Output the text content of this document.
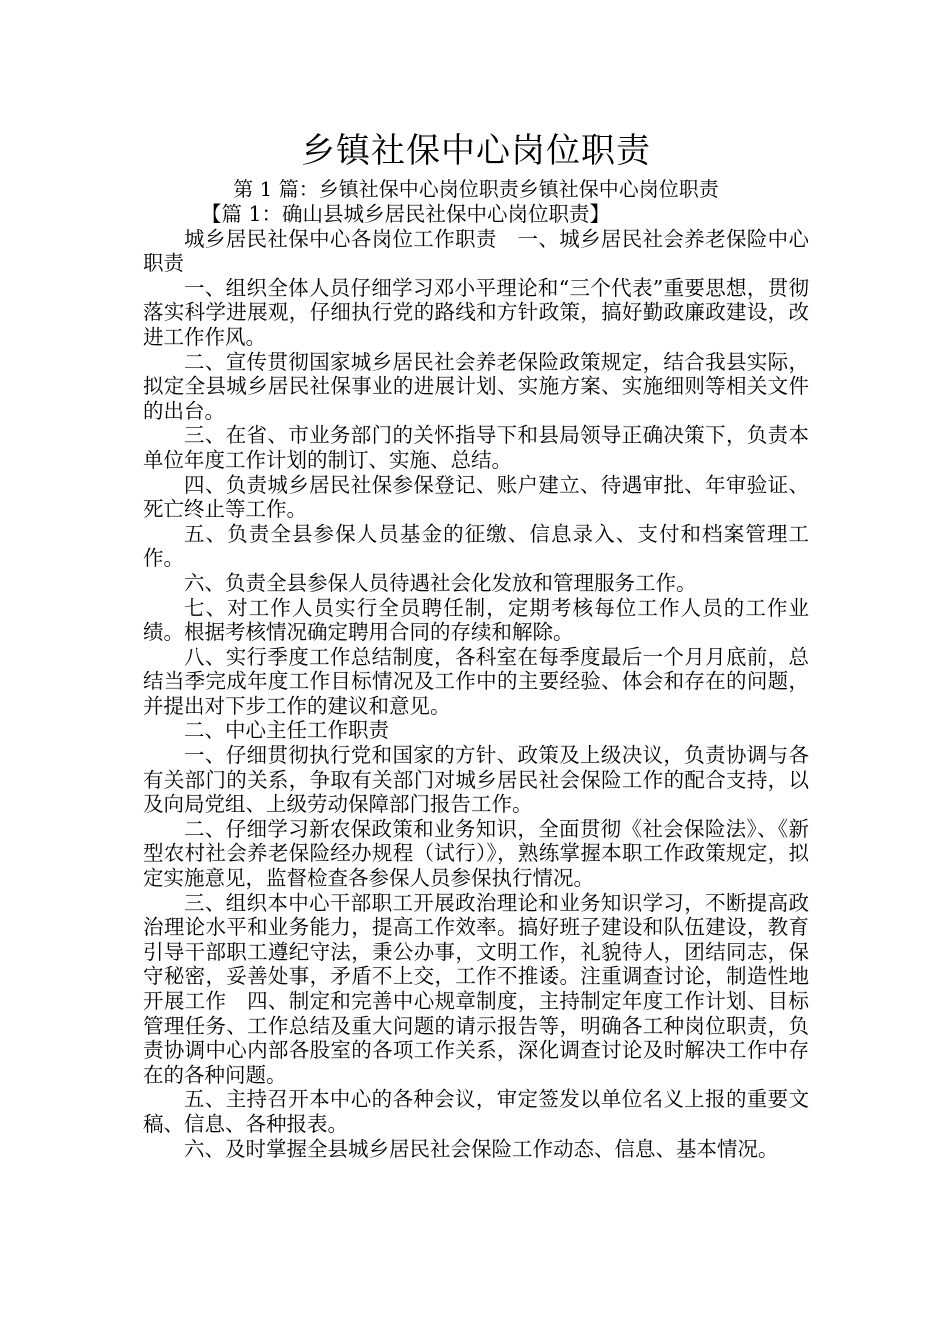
乡镇社保中心岗位职责

第 1 篇：乡镇社保中心岗位职责乡镇社保中心岗位职责

【篇 1：确山县城乡居民社保中心岗位职责】

城乡居民社保中心各岗位工作职责　一、城乡居民社会养老保险中心职责

一、组织全体人员仔细学习邓小平理论和“三个代表”重要思想，贯彻落实科学进展观，仔细执行党的路线和方针政策，搞好勤政廉政建设，改进工作作风。

二、宣传贯彻国家城乡居民社会养老保险政策规定，结合我县实际，拟定全县城乡居民社保事业的进展计划、实施方案、实施细则等相关文件的出台。

三、在省、市业务部门的关怀指导下和县局领导正确决策下，负责本单位年度工作计划的制订、实施、总结。

四、负责城乡居民社保参保登记、账户建立、待遇审批、年审验证、死亡终止等工作。

五、负责全县参保人员基金的征缴、信息录入、支付和档案管理工作。

六、负责全县参保人员待遇社会化发放和管理服务工作。

七、对工作人员实行全员聘任制，定期考核每位工作人员的工作业绩。根据考核情况确定聘用合同的存续和解除。

八、实行季度工作总结制度，各科室在每季度最后一个月月底前，总结当季完成年度工作目标情况及工作中的主要经验、体会和存在的问题，并提出对下步工作的建议和意见。

二、中心主任工作职责

一、仔细贯彻执行党和国家的方针、政策及上级决议，负责协调与各有关部门的关系，争取有关部门对城乡居民社会保险工作的配合支持，以及向局党组、上级劳动保障部门报告工作。

二、仔细学习新农保政策和业务知识，全面贯彻《社会保险法》、《新型农村社会养老保险经办规程（试行）》，熟练掌握本职工作政策规定，拟定实施意见，监督检查各参保人员参保执行情况。

三、组织本中心干部职工开展政治理论和业务知识学习，不断提高政治理论水平和业务能力，提高工作效率。搞好班子建设和队伍建设，教育引导干部职工遵纪守法，秉公办事，文明工作，礼貌待人，团结同志，保守秘密，妥善处事，矛盾不上交，工作不推诿。注重调查讨论，制造性地开展工作　四、制定和完善中心规章制度，主持制定年度工作计划、目标管理任务、工作总结及重大问题的请示报告等，明确各工种岗位职责，负责协调中心内部各股室的各项工作关系，深化调查讨论及时解决工作中存在的各种问题。

五、主持召开本中心的各种会议，审定签发以单位名义上报的重要文稿、信息、各种报表。

六、及时掌握全县城乡居民社会保险工作动态、信息、基本情况。
